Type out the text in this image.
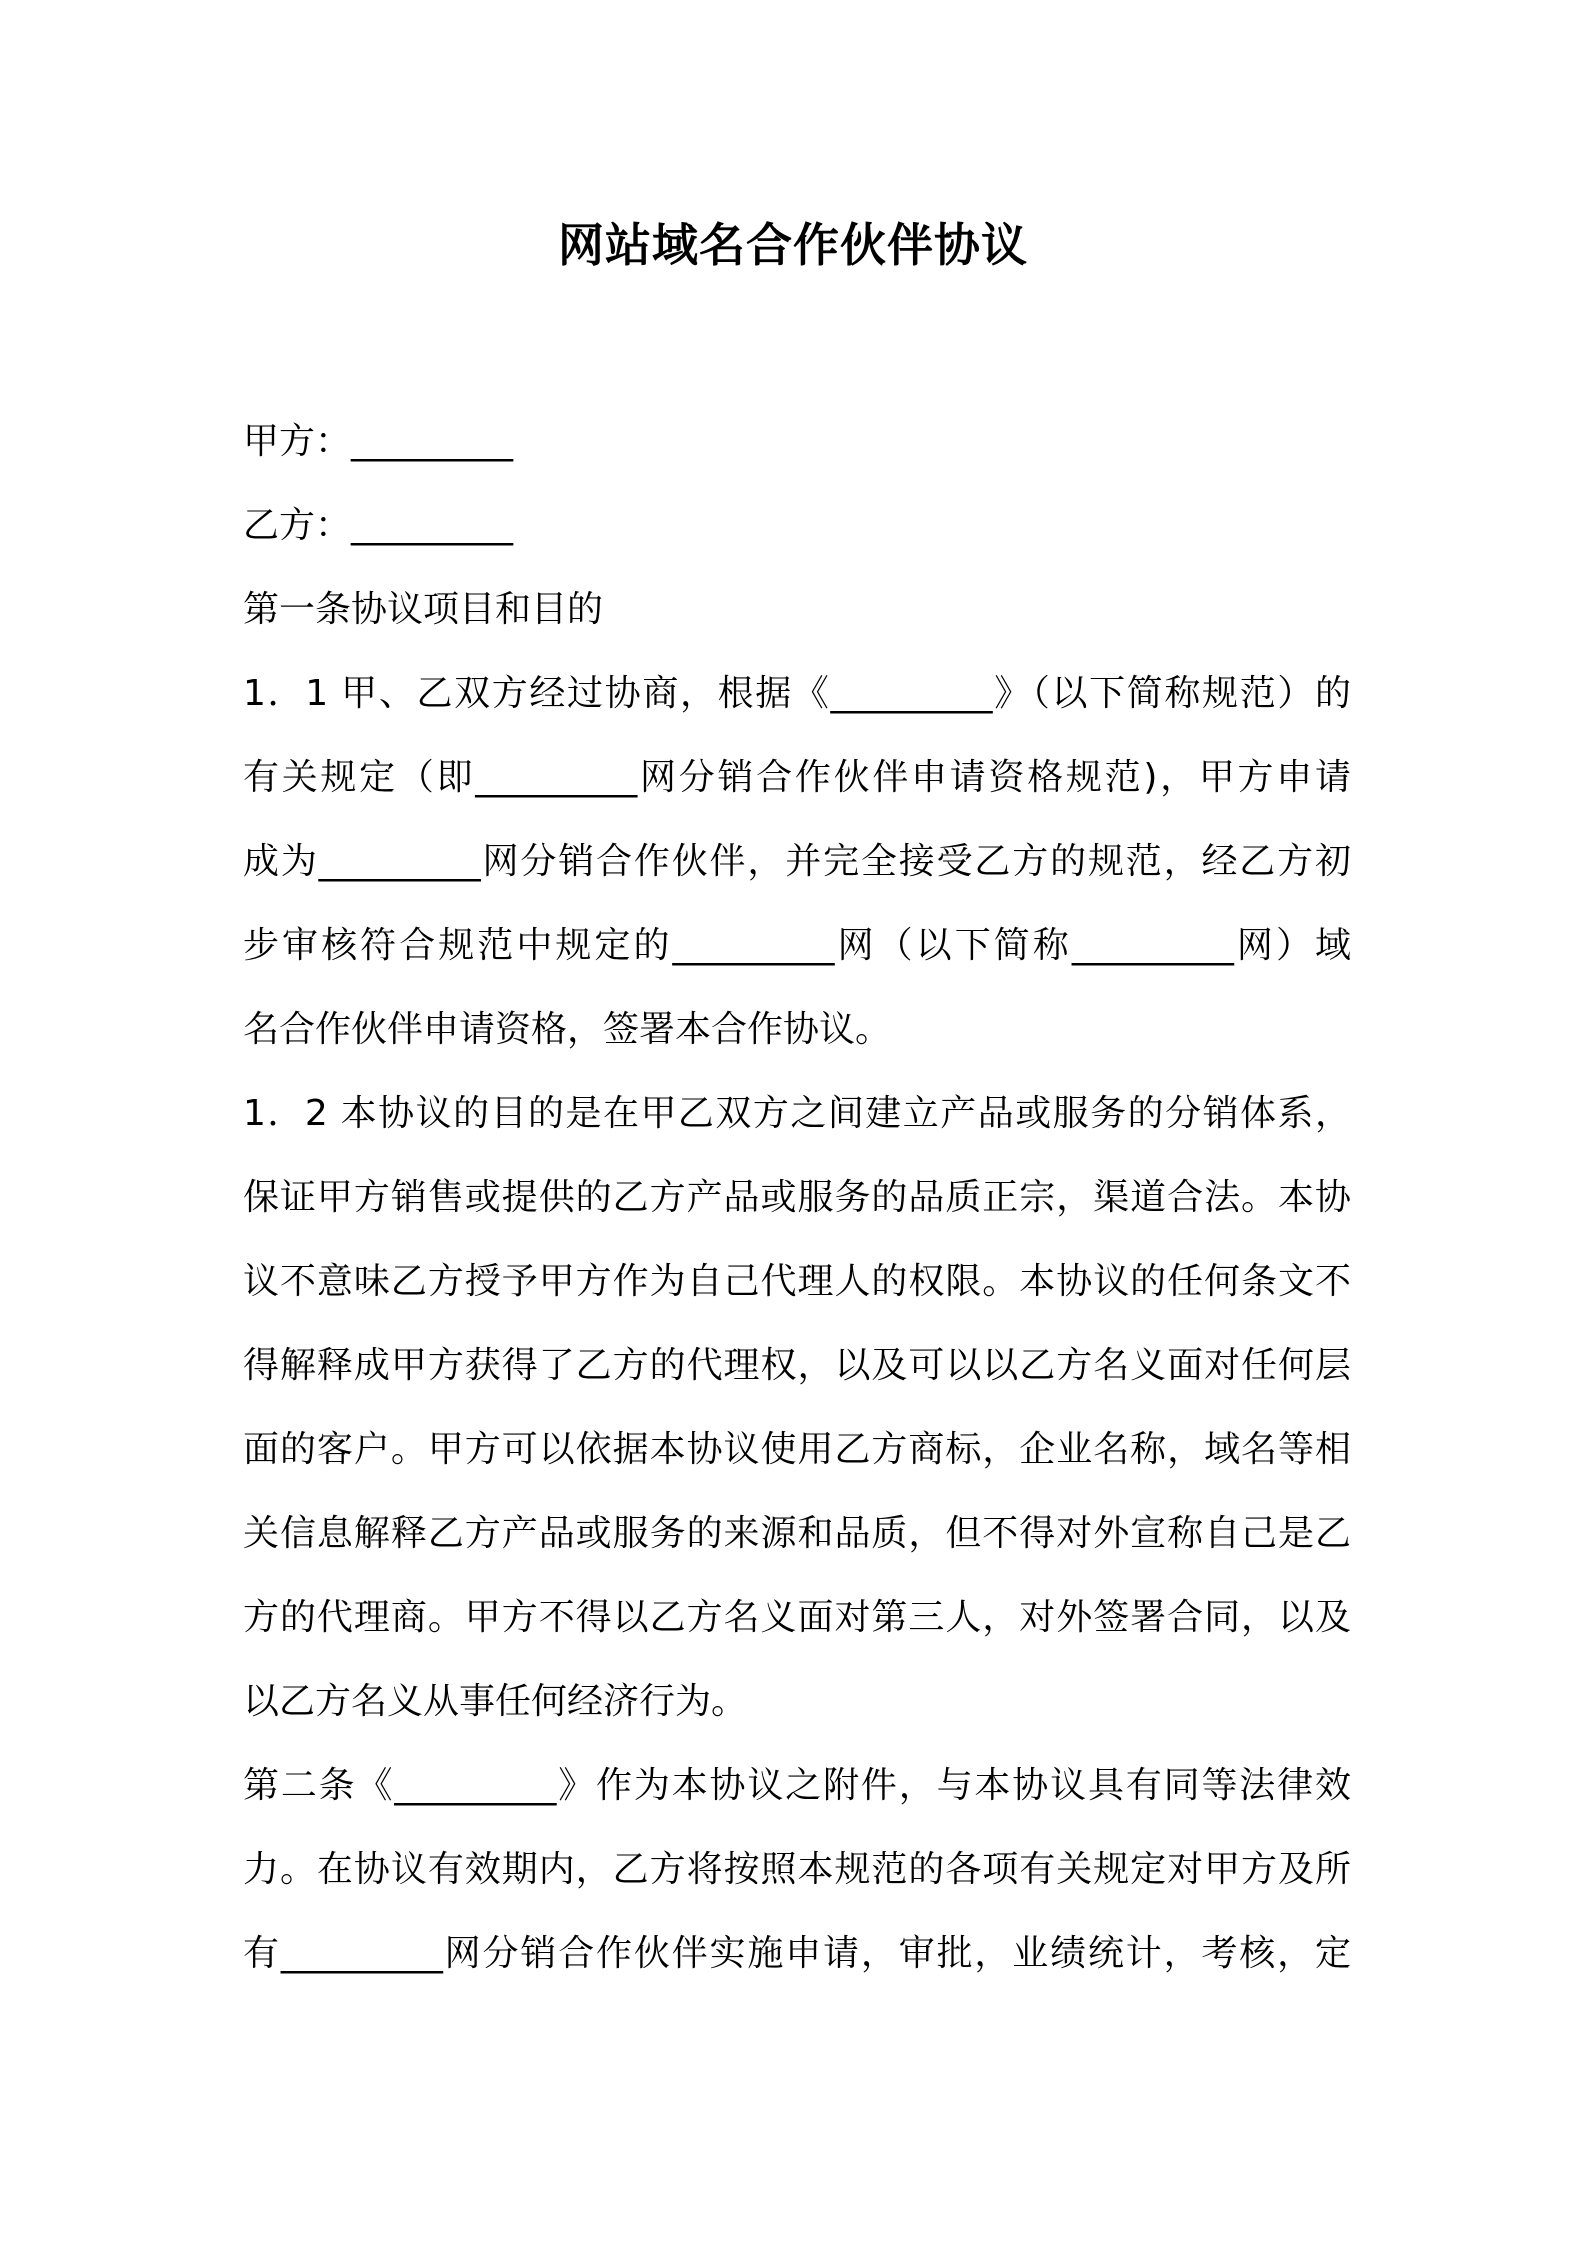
网站域名合作伙伴协议
甲方：_________
乙方：_________
第一条协议项目和目的
1．1 甲、乙双方经过协商，根据《_________》（以下简称规范）的
有关规定（即_________网分销合作伙伴申请资格规范)，甲方申请
成为_________网分销合作伙伴，并完全接受乙方的规范，经乙方初
步审核符合规范中规定的_________网（以下简称_________网）域
名合作伙伴申请资格，签署本合作协议。
1．2 本协议的目的是在甲乙双方之间建立产品或服务的分销体系，
保证甲方销售或提供的乙方产品或服务的品质正宗，渠道合法。本协
议不意味乙方授予甲方作为自己代理人的权限。本协议的任何条文不
得解释成甲方获得了乙方的代理权，以及可以以乙方名义面对任何层
面的客户。甲方可以依据本协议使用乙方商标，企业名称，域名等相
关信息解释乙方产品或服务的来源和品质，但不得对外宣称自己是乙
方的代理商。甲方不得以乙方名义面对第三人，对外签署合同，以及
以乙方名义从事任何经济行为。
第二条《_________》作为本协议之附件，与本协议具有同等法律效
力。在协议有效期内，乙方将按照本规范的各项有关规定对甲方及所
有_________网分销合作伙伴实施申请，审批，业绩统计，考核，定
